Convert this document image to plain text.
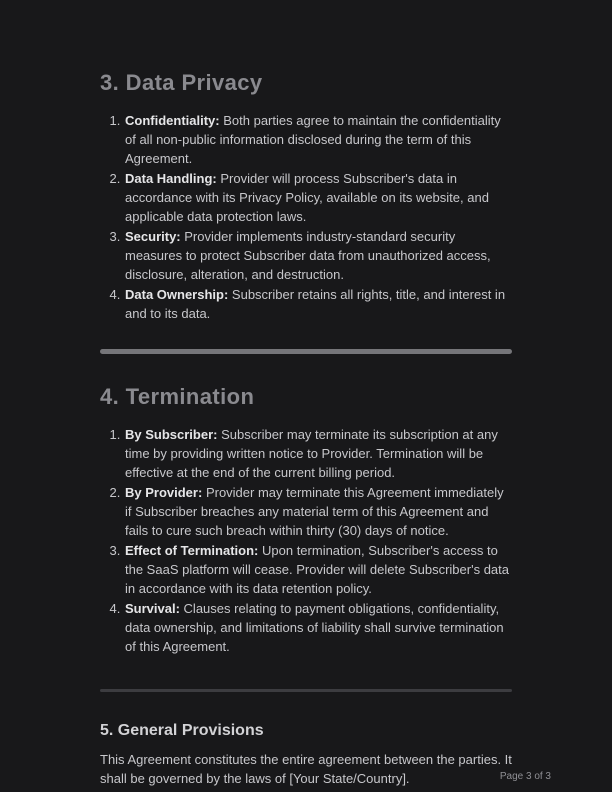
3. Data Privacy
1. Confidentiality: Both parties agree to maintain the confidentiality of all non-public information disclosed during the term of this Agreement.
2. Data Handling: Provider will process Subscriber's data in accordance with its Privacy Policy, available on its website, and applicable data protection laws.
3. Security: Provider implements industry-standard security measures to protect Subscriber data from unauthorized access, disclosure, alteration, and destruction.
4. Data Ownership: Subscriber retains all rights, title, and interest in and to its data.
4. Termination
1. By Subscriber: Subscriber may terminate its subscription at any time by providing written notice to Provider. Termination will be effective at the end of the current billing period.
2. By Provider: Provider may terminate this Agreement immediately if Subscriber breaches any material term of this Agreement and fails to cure such breach within thirty (30) days of notice.
3. Effect of Termination: Upon termination, Subscriber's access to the SaaS platform will cease. Provider will delete Subscriber's data in accordance with its data retention policy.
4. Survival: Clauses relating to payment obligations, confidentiality, data ownership, and limitations of liability shall survive termination of this Agreement.
5. General Provisions

This Agreement constitutes the entire agreement between the parties. It shall be governed by the laws of [Your State/Country].	Page 3 of 3
